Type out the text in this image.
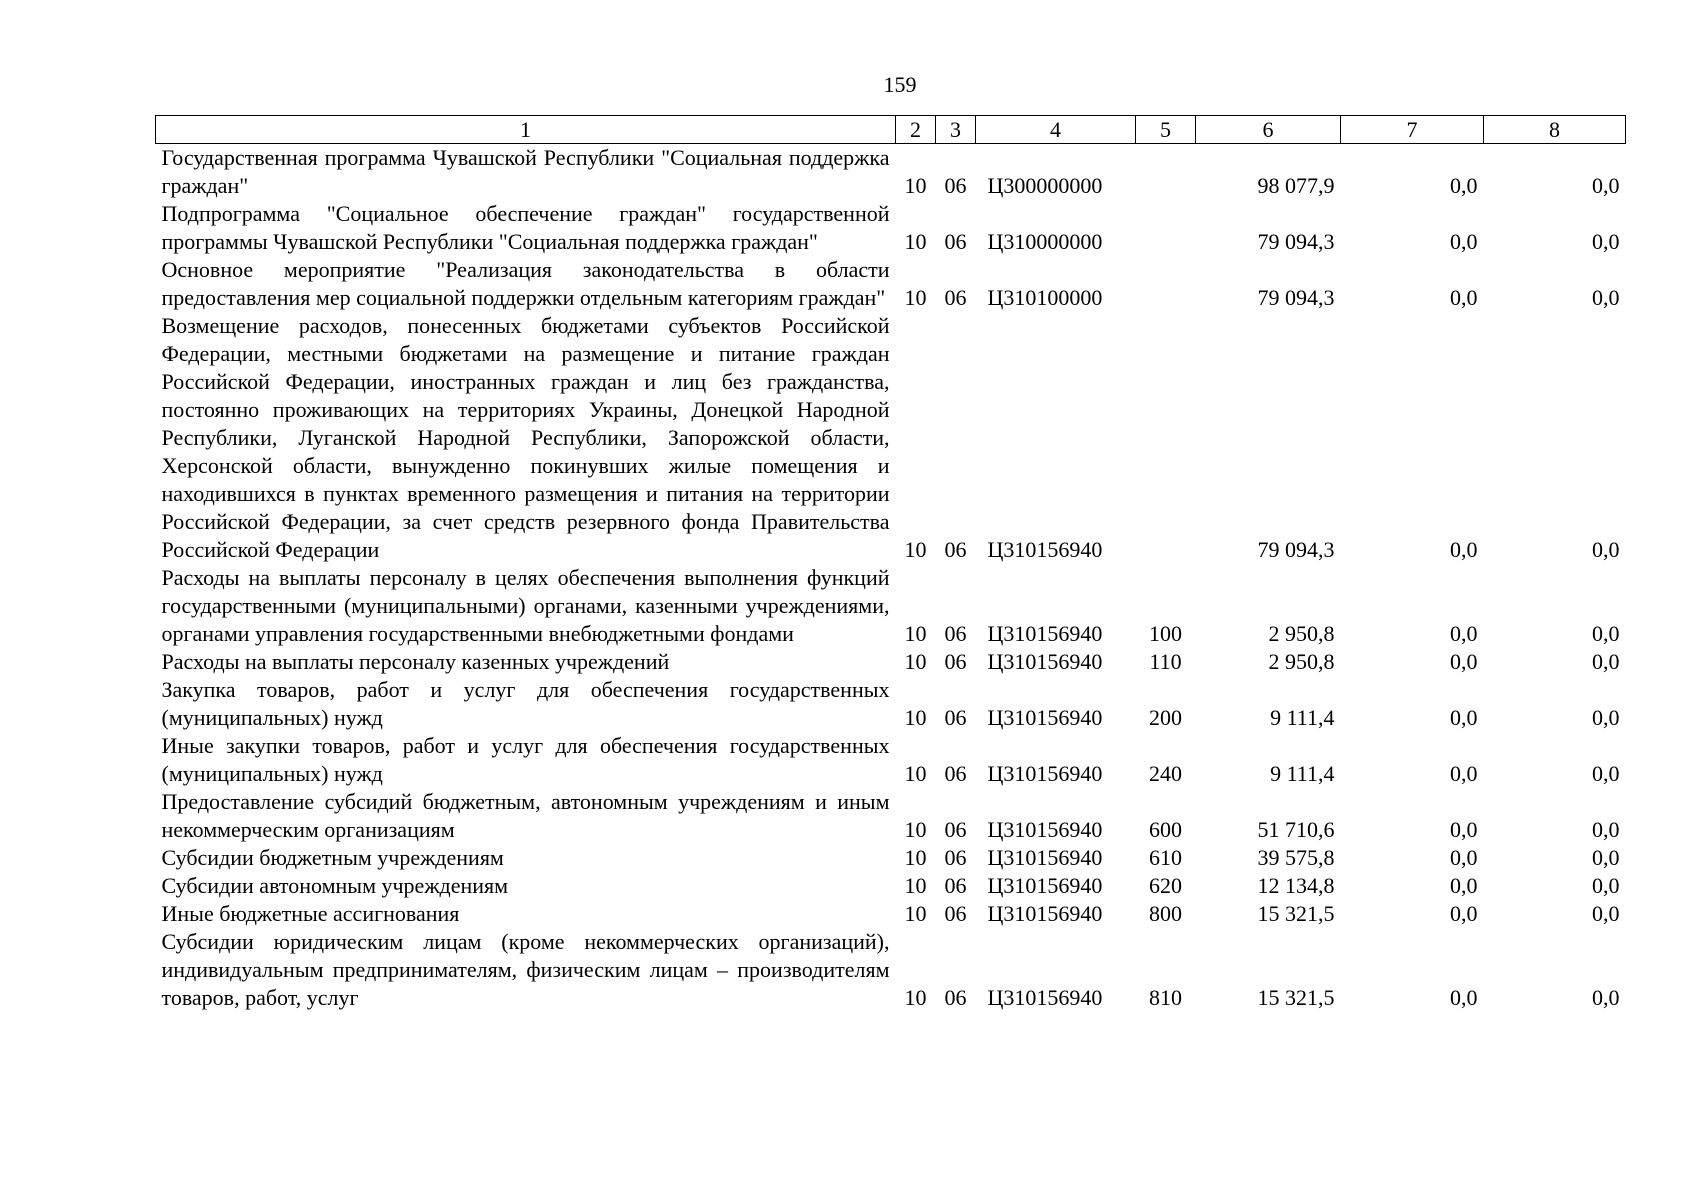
159
1	2	3	4	5	6	7	8
Государственная программа Чувашской Республики "Социальная поддержка граждан"	10	06	Ц300000000		98 077,9	0,0	0,0
Подпрограмма "Социальное обеспечение граждан" государственной программы Чувашской Республики "Социальная поддержка граждан"	10	06	Ц310000000		79 094,3	0,0	0,0
Основное мероприятие "Реализация законодательства в области предоставления мер социальной поддержки отдельным категориям граждан"	10	06	Ц310100000		79 094,3	0,0	0,0
Возмещение расходов, понесенных бюджетами субъектов Российской Федерации, местными бюджетами на размещение и питание граждан Российской Федерации, иностранных граждан и лиц без гражданства, постоянно проживающих на территориях Украины, Донецкой Народной Республики, Луганской Народной Республики, Запорожской области, Херсонской области, вынужденно покинувших жилые помещения и находившихся в пунктах временного размещения и питания на территории Российской Федерации, за счет средств резервного фонда Правительства Российской Федерации	10	06	Ц310156940		79 094,3	0,0	0,0
Расходы на выплаты персоналу в целях обеспечения выполнения функций государственными (муниципальными) органами, казенными учреждениями, органами управления государственными внебюджетными фондами	10	06	Ц310156940	100	2 950,8	0,0	0,0
Расходы на выплаты персоналу казенных учреждений	10	06	Ц310156940	110	2 950,8	0,0	0,0
Закупка товаров, работ и услуг для обеспечения государственных (муниципальных) нужд	10	06	Ц310156940	200	9 111,4	0,0	0,0
Иные закупки товаров, работ и услуг для обеспечения государственных (муниципальных) нужд	10	06	Ц310156940	240	9 111,4	0,0	0,0
Предоставление субсидий бюджетным, автономным учреждениям и иным некоммерческим организациям	10	06	Ц310156940	600	51 710,6	0,0	0,0
Субсидии бюджетным учреждениям	10	06	Ц310156940	610	39 575,8	0,0	0,0
Субсидии автономным учреждениям	10	06	Ц310156940	620	12 134,8	0,0	0,0
Иные бюджетные ассигнования	10	06	Ц310156940	800	15 321,5	0,0	0,0
Субсидии юридическим лицам (кроме некоммерческих организаций), индивидуальным предпринимателям, физическим лицам – производителям товаров, работ, услуг	10	06	Ц310156940	810	15 321,5	0,0	0,0
